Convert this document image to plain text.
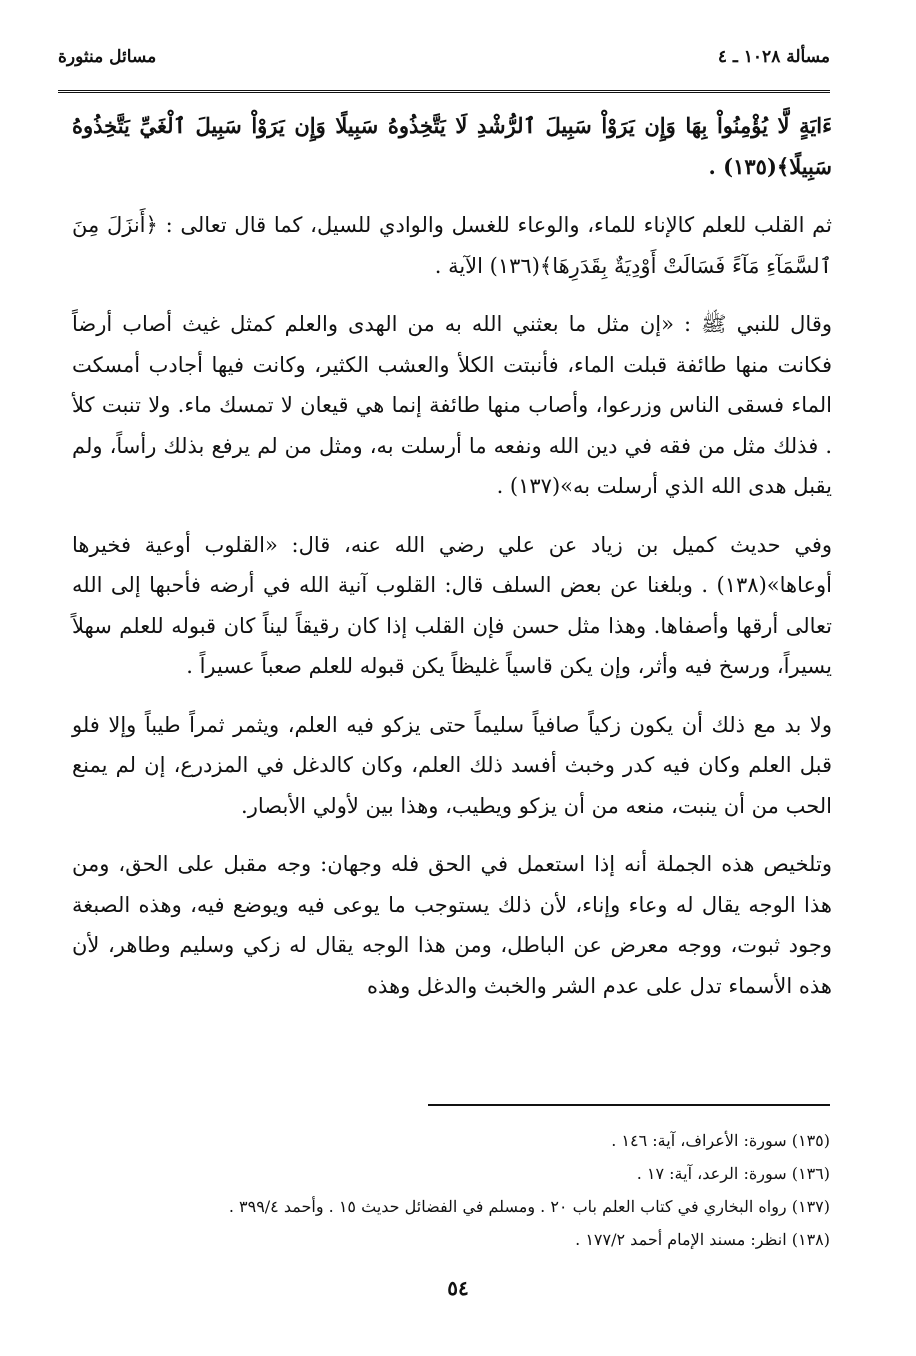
مسألة ١٠٢٨ ـ ٤
مسائل منثورة

ءَايَةٍ لَّا يُؤْمِنُواْ بِهَا وَإِن يَرَوْاْ سَبِيلَ ٱلرُّشْدِ لَا يَتَّخِذُوهُ سَبِيلًا وَإِن يَرَوْاْ سَبِيلَ ٱلْغَيِّ يَتَّخِذُوهُ سَبِيلًا﴾(١٣٥) .

ثم القلب للعلم كالإناء للماء، والوعاء للغسل والوادي للسيل، كما قال تعالى : ﴿أَنزَلَ مِنَ ٱلسَّمَآءِ مَآءً فَسَالَتْ أَوْدِيَةٌ بِقَدَرِهَا﴾(١٣٦) الآية .

وقال للنبي ﷺ : «إن مثل ما بعثني الله به من الهدى والعلم كمثل غيث أصاب أرضاً فكانت منها طائفة قبلت الماء، فأنبتت الكلأ والعشب الكثير، وكانت فيها أجادب أمسكت الماء فسقى الناس وزرعوا، وأصاب منها طائفة إنما هي قيعان لا تمسك ماء. ولا تنبت كلأ . فذلك مثل من فقه في دين الله ونفعه ما أرسلت به، ومثل من لم يرفع بذلك رأساً، ولم يقبل هدى الله الذي أرسلت به»(١٣٧) .

وفي حديث كميل بن زياد عن علي رضي الله عنه، قال: «القلوب أوعية فخيرها أوعاها»(١٣٨) . وبلغنا عن بعض السلف قال: القلوب آنية الله في أرضه فأحبها إلى الله تعالى أرقها وأصفاها. وهذا مثل حسن فإن القلب إذا كان رقيقاً ليناً كان قبوله للعلم سهلاً يسيراً، ورسخ فيه وأثر، وإن يكن قاسياً غليظاً يكن قبوله للعلم صعباً عسيراً .

ولا بد مع ذلك أن يكون زكياً صافياً سليماً حتى يزكو فيه العلم، ويثمر ثمراً طيباً وإلا فلو قبل العلم وكان فيه كدر وخبث أفسد ذلك العلم، وكان كالدغل في المزدرع، إن لم يمنع الحب من أن ينبت، منعه من أن يزكو ويطيب، وهذا بين لأولي الأبصار.

وتلخيص هذه الجملة أنه إذا استعمل في الحق فله وجهان: وجه مقبل على الحق، ومن هذا الوجه يقال له وعاء وإناء، لأن ذلك يستوجب ما يوعى فيه ويوضع فيه، وهذه الصبغة وجود ثبوت، ووجه معرض عن الباطل، ومن هذا الوجه يقال له زكي وسليم وطاهر، لأن هذه الأسماء تدل على عدم الشر والخبث والدغل وهذه

(١٣٥) سورة: الأعراف، آية: ١٤٦ .
(١٣٦) سورة: الرعد، آية: ١٧ .
(١٣٧) رواه البخاري في كتاب العلم باب ٢٠ . ومسلم في الفضائل حديث ١٥ . وأحمد ٣٩٩/٤ .
(١٣٨) انظر: مسند الإمام أحمد ١٧٧/٢ .
٥٤
